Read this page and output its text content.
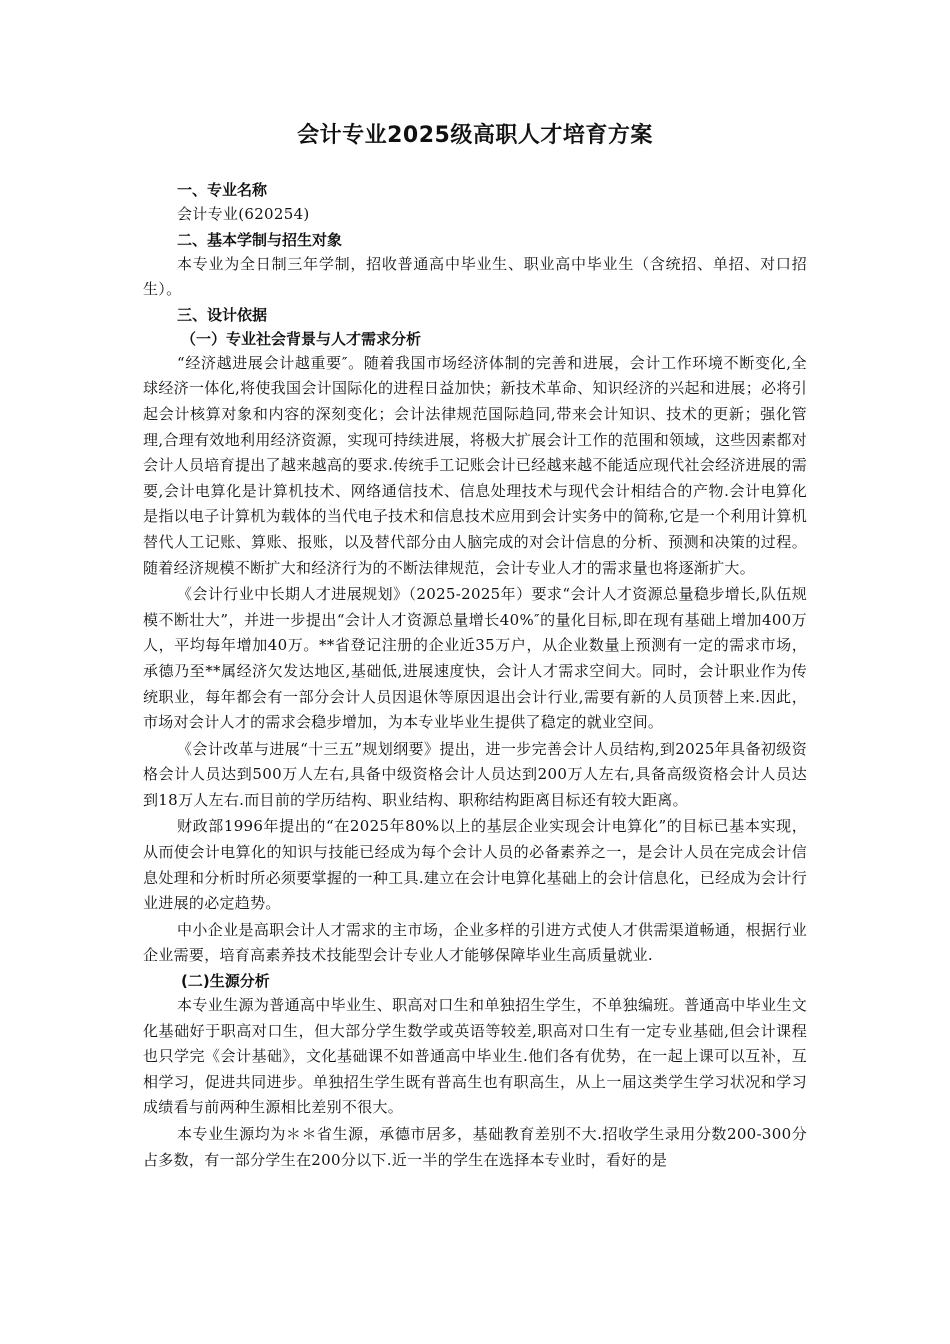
会计专业2025级高职人才培育方案
一、专业名称
会计专业(620254)
二、基本学制与招生对象
本专业为全日制三年学制，招收普通高中毕业生、职业高中毕业生（含统招、单招、对口招生）。
三、设计依据
（一）专业社会背景与人才需求分析
“经济越进展会计越重要″。随着我国市场经济体制的完善和进展，会计工作环境不断变化,全球经济一体化,将使我国会计国际化的进程日益加快；新技术革命、知识经济的兴起和进展；必将引起会计核算对象和内容的深刻变化；会计法律规范国际趋同,带来会计知识、技术的更新；强化管理,合理有效地利用经济资源，实现可持续进展，将极大扩展会计工作的范围和领域，这些因素都对会计人员培育提出了越来越高的要求.传统手工记账会计已经越来越不能适应现代社会经济进展的需要,会计电算化是计算机技术、网络通信技术、信息处理技术与现代会计相结合的产物.会计电算化是指以电子计算机为载体的当代电子技术和信息技术应用到会计实务中的简称,它是一个利用计算机替代人工记账、算账、报账，以及替代部分由人脑完成的对会计信息的分析、预测和决策的过程。随着经济规模不断扩大和经济行为的不断法律规范，会计专业人才的需求量也将逐渐扩大。
《会计行业中长期人才进展规划》（2025-2025年）要求“会计人才资源总量稳步增长,队伍规模不断壮大”，并进一步提出“会计人才资源总量增长40%″的量化目标,即在现有基础上增加400万人，平均每年增加40万。**省登记注册的企业近35万户，从企业数量上预测有一定的需求市场，承德乃至**属经济欠发达地区,基础低,进展速度快，会计人才需求空间大。同时，会计职业作为传统职业，每年都会有一部分会计人员因退休等原因退出会计行业,需要有新的人员顶替上来.因此，市场对会计人才的需求会稳步增加，为本专业毕业生提供了稳定的就业空间。
《会计改革与进展“十三五”规划纲要》提出，进一步完善会计人员结构,到2025年具备初级资格会计人员达到500万人左右,具备中级资格会计人员达到200万人左右,具备高级资格会计人员达到18万人左右.而目前的学历结构、职业结构、职称结构距离目标还有较大距离。
财政部1996年提出的“在2025年80%以上的基层企业实现会计电算化”的目标已基本实现，从而使会计电算化的知识与技能已经成为每个会计人员的必备素养之一，是会计人员在完成会计信息处理和分析时所必须要掌握的一种工具.建立在会计电算化基础上的会计信息化，已经成为会计行业进展的必定趋势。
中小企业是高职会计人才需求的主市场，企业多样的引进方式使人才供需渠道畅通，根据行业企业需要，培育高素养技术技能型会计专业人才能够保障毕业生高质量就业.
(二)生源分析
本专业生源为普通高中毕业生、职高对口生和单独招生学生，不单独编班。普通高中毕业生文化基础好于职高对口生，但大部分学生数学或英语等较差,职高对口生有一定专业基础,但会计课程也只学完《会计基础》，文化基础课不如普通高中毕业生.他们各有优势，在一起上课可以互补，互相学习，促进共同进步。单独招生学生既有普高生也有职高生，从上一届这类学生学习状况和学习成绩看与前两种生源相比差别不很大。
本专业生源均为＊＊省生源，承德市居多，基础教育差别不大.招收学生录用分数200-300分占多数，有一部分学生在200分以下.近一半的学生在选择本专业时，看好的是
